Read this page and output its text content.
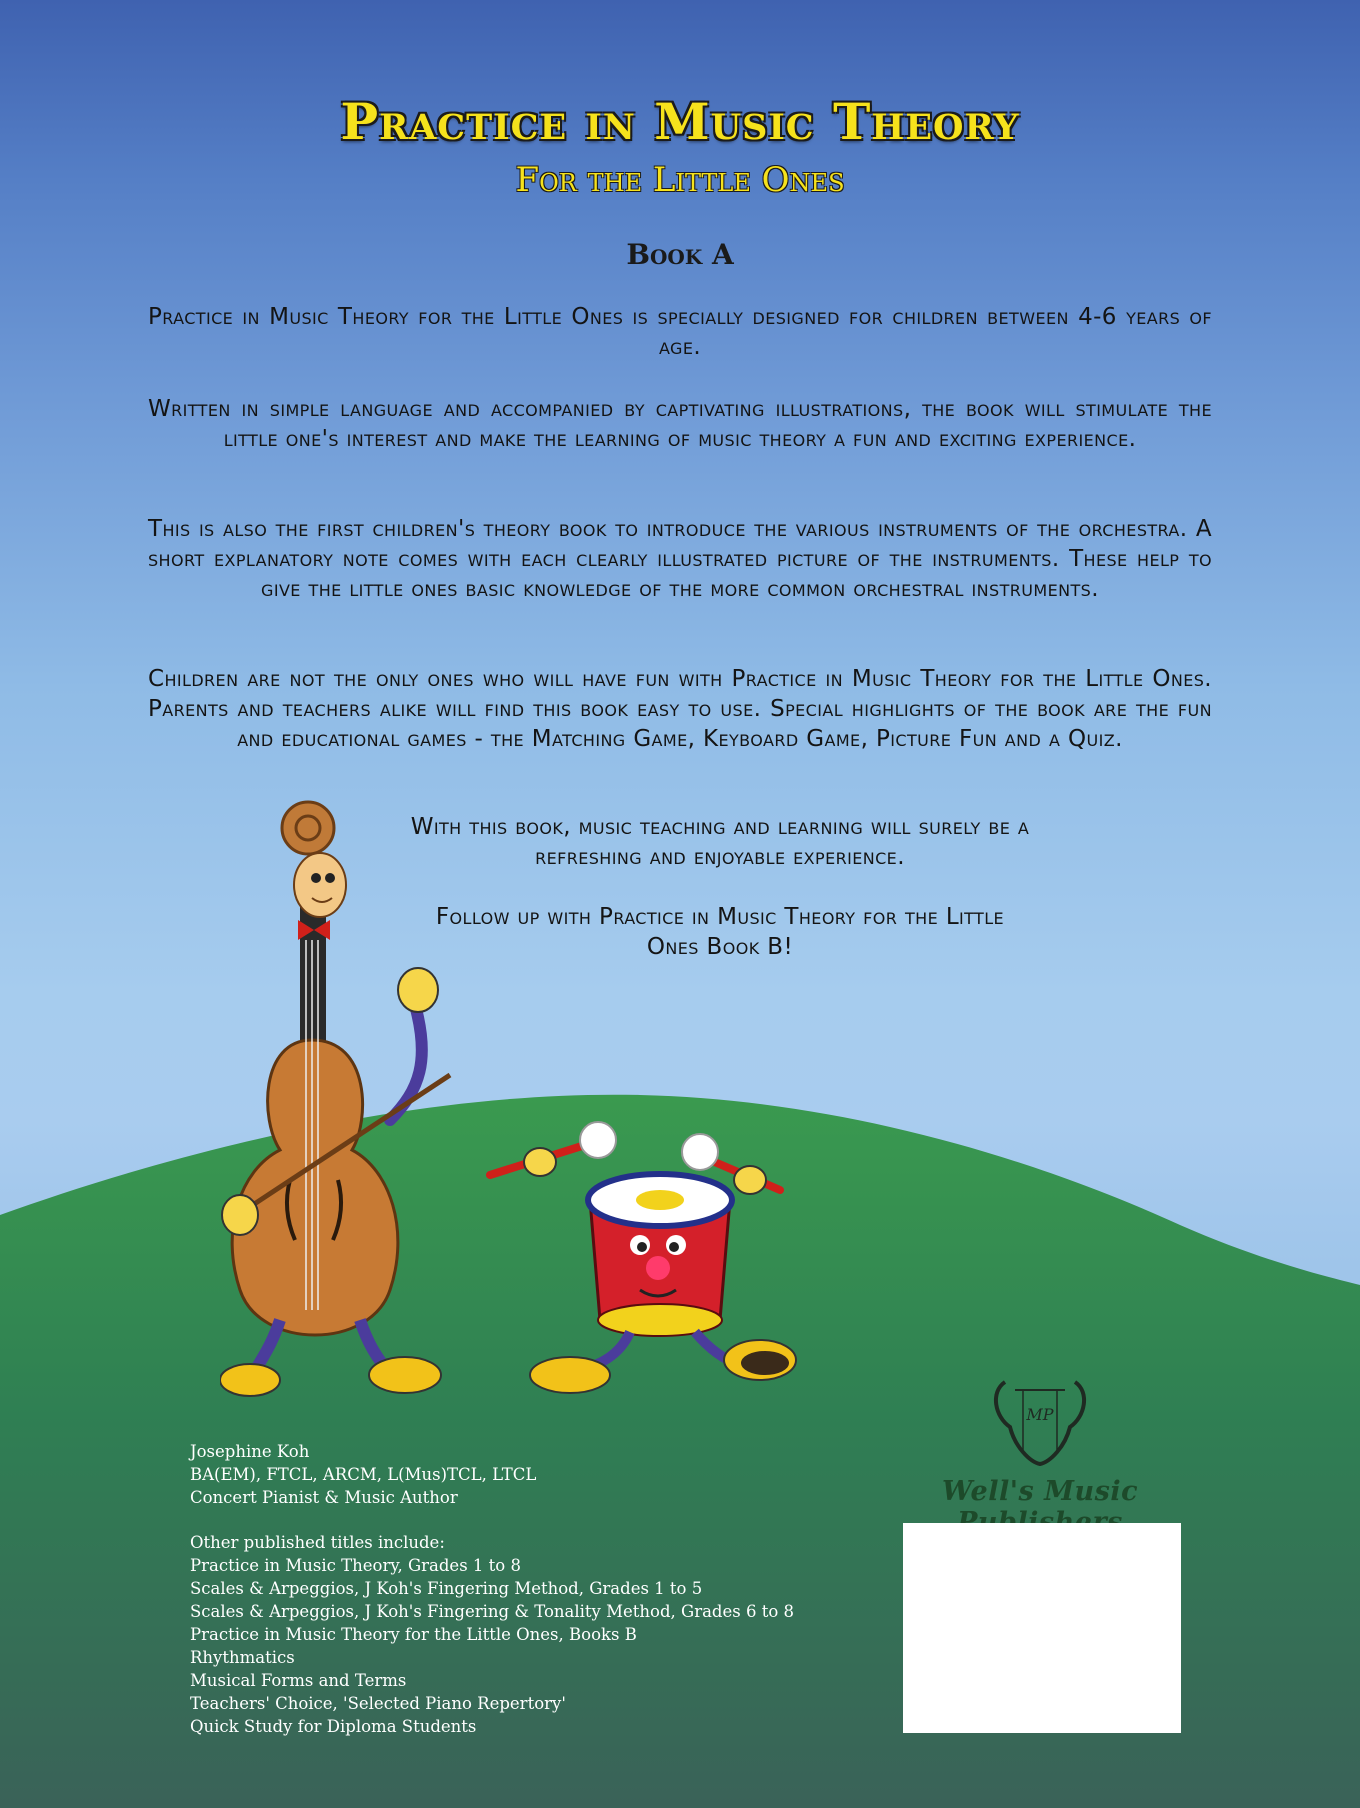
Practice in Music Theory
For the Little Ones
Book A

Practice in Music Theory for the Little Ones is specially designed for children between 4-6 years of age.

Written in simple language and accompanied by captivating illustrations, the book will stimulate the little one's interest and make the learning of music theory a fun and exciting experience.

This is also the first children's theory book to introduce the various instruments of the orchestra. A short explanatory note comes with each clearly illustrated picture of the instruments. These help to give the little ones basic knowledge of the more common orchestral instruments.

Children are not the only ones who will have fun with Practice in Music Theory for the Little Ones. Parents and teachers alike will find this book easy to use. Special highlights of the book are the fun and educational games - the Matching Game, Keyboard Game, Picture Fun and a Quiz.

With this book, music teaching and learning will surely be a refreshing and enjoyable experience.

Follow up with Practice in Music Theory for the Little Ones Book B!

Josephine Koh
BA(EM), FTCL, ARCM, L(Mus)TCL, LTCL
Concert Pianist & Music Author
Other published titles include:
Practice in Music Theory, Grades 1 to 8
Scales & Arpeggios, J Koh's Fingering Method, Grades 1 to 5
Scales & Arpeggios, J Koh's Fingering & Tonality Method, Grades 6 to 8
Practice in Music Theory for the Little Ones, Books B
Rhythmatics
Musical Forms and Terms
Teachers' Choice, 'Selected Piano Repertory'
Quick Study for Diploma Students
MP

Well's Music
